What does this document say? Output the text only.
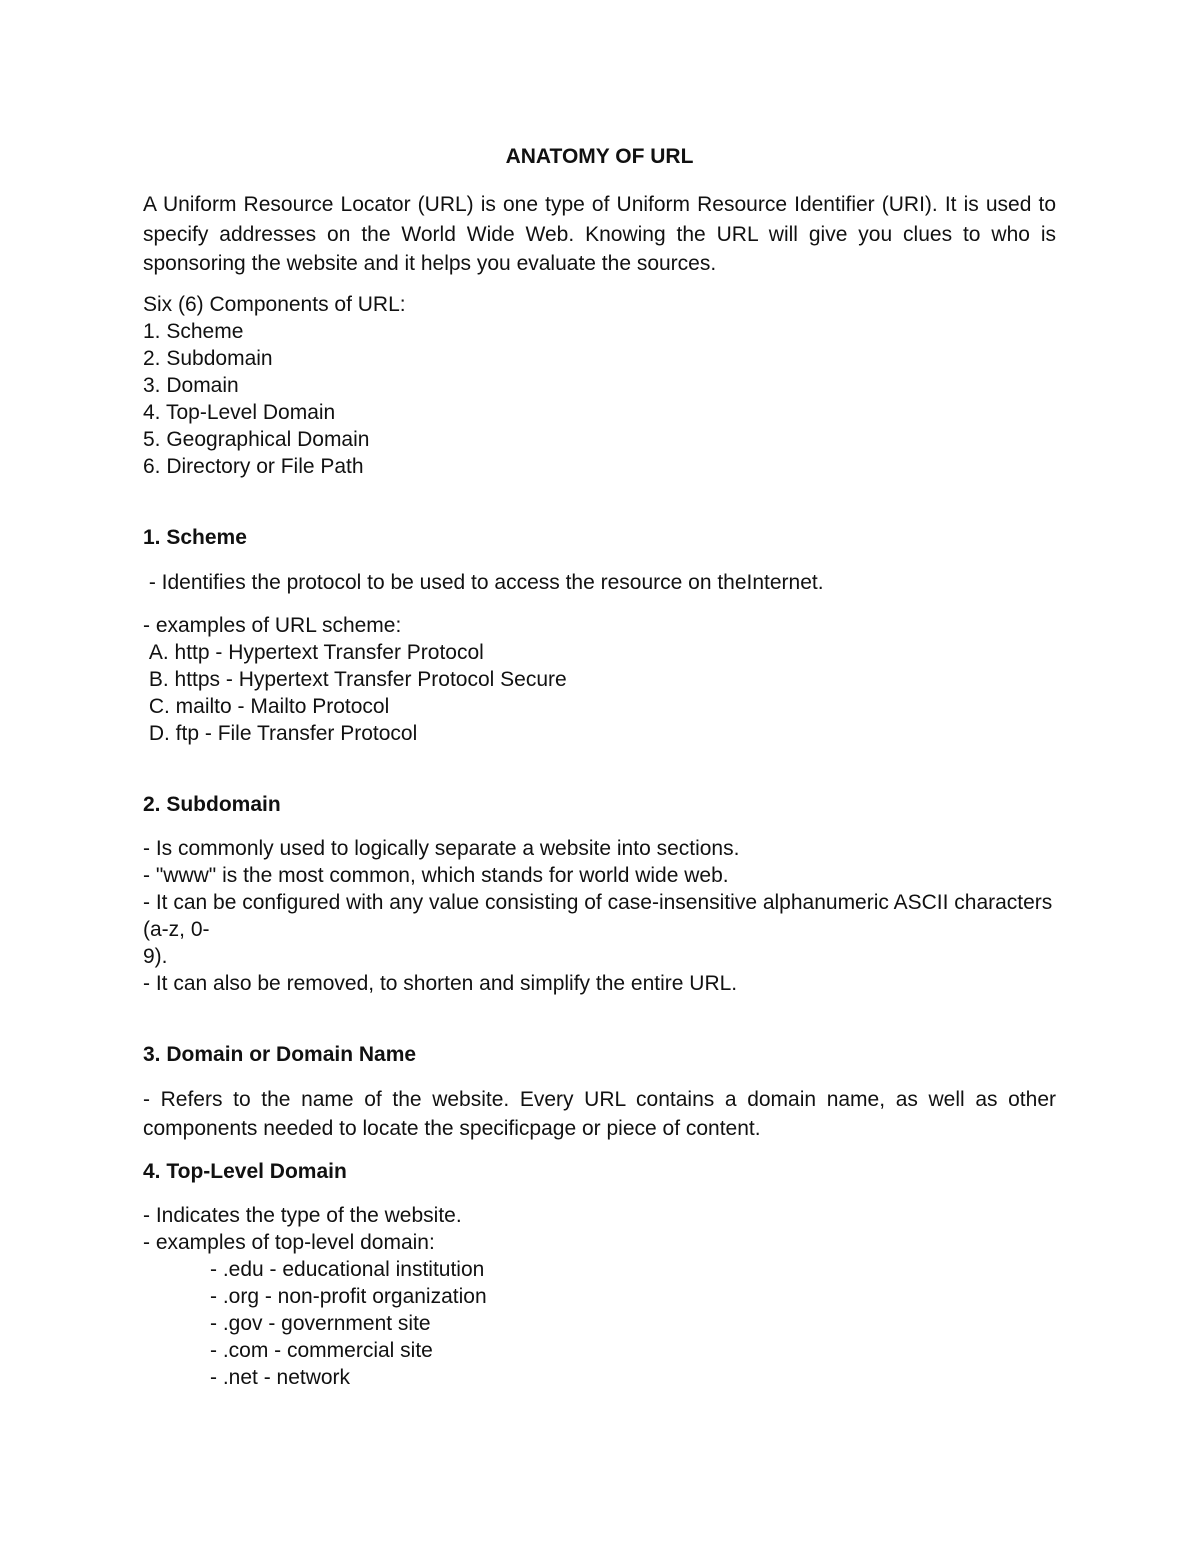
ANATOMY OF URL

A Uniform Resource Locator (URL) is one type of Uniform Resource Identifier (URI). It is used to specify addresses on the World Wide Web. Knowing the URL will give you clues to who is sponsoring the website and it helps you evaluate the sources.

Six (6) Components of URL:
1. Scheme
2. Subdomain
3. Domain
4. Top-Level Domain
5. Geographical Domain
6. Directory or File Path
1. Scheme
- Identifies the protocol to be used to access the resource on theInternet.
- examples of URL scheme:
A. http - Hypertext Transfer Protocol
B. https - Hypertext Transfer Protocol Secure
C. mailto - Mailto Protocol
D. ftp - File Transfer Protocol
2. Subdomain
- Is commonly used to logically separate a website into sections.
- "www" is the most common, which stands for world wide web.
- It can be configured with any value consisting of case-insensitive alphanumeric ASCII characters (a-z, 0-
9).
- It can also be removed, to shorten and simplify the entire URL.
3. Domain or Domain Name

- Refers to the name of the website. Every URL contains a domain name, as well as other components needed to locate the specificpage or piece of content.

4. Top-Level Domain
- Indicates the type of the website.
- examples of top-level domain:
- .edu - educational institution
- .org - non-profit organization
- .gov - government site
- .com - commercial site
- .net - network
